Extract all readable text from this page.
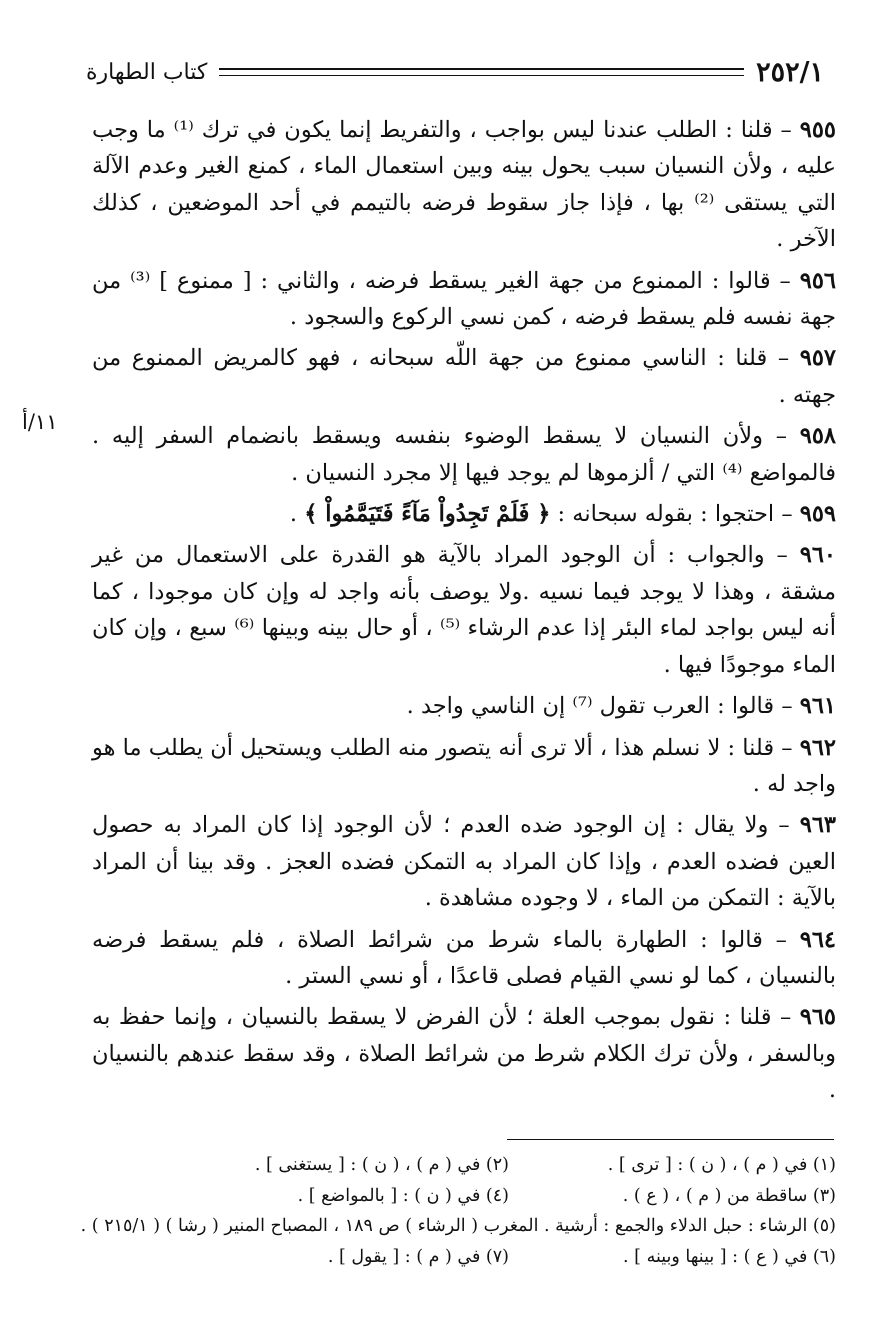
٢٥٢/١
كتاب الطهارة
١١/أ

٩٥٥ – قلنا : الطلب عندنا ليس بواجب ، والتفريط إنما يكون في ترك ⁽¹⁾ ما وجب عليه ، ولأن النسيان سبب يحول بينه وبين استعمال الماء ، كمنع الغير وعدم الآلة التي يستقى ⁽²⁾ بها ، فإذا جاز سقوط فرضه بالتيمم في أحد الموضعين ، كذلك الآخر .

٩٥٦ – قالوا : الممنوع من جهة الغير يسقط فرضه ، والثاني : [ ممنوع ] ⁽³⁾ من جهة نفسه فلم يسقط فرضه ، كمن نسي الركوع والسجود .

٩٥٧ – قلنا : الناسي ممنوع من جهة اللّه سبحانه ، فهو كالمريض الممنوع من جهته .

٩٥٨ – ولأن النسيان لا يسقط الوضوء بنفسه ويسقط بانضمام السفر إليه . فالمواضع ⁽⁴⁾ التي / ألزموها لم يوجد فيها إلا مجرد النسيان .

٩٥٩ – احتجوا : بقوله سبحانه : ﴿ فَلَمْ تَجِدُواْ مَآءً فَتَيَمَّمُواْ ﴾ .

٩٦٠ – والجواب : أن الوجود المراد بالآية هو القدرة على الاستعمال من غير مشقة ، وهذا لا يوجد فيما نسيه .ولا يوصف بأنه واجد له وإن كان موجودا ، كما أنه ليس بواجد لماء البئر إذا عدم الرشاء ⁽⁵⁾ ، أو حال بينه وبينها ⁽⁶⁾ سبع ، وإن كان الماء موجودًا فيها .

٩٦١ – قالوا : العرب تقول ⁽⁷⁾ إن الناسي واجد .

٩٦٢ – قلنا : لا نسلم هذا ، ألا ترى أنه يتصور منه الطلب ويستحيل أن يطلب ما هو واجد له .

٩٦٣ – ولا يقال : إن الوجود ضده العدم ؛ لأن الوجود إذا كان المراد به حصول العين فضده العدم ، وإذا كان المراد به التمكن فضده العجز . وقد بينا أن المراد بالآية : التمكن من الماء ، لا وجوده مشاهدة .

٩٦٤ – قالوا : الطهارة بالماء شرط من شرائط الصلاة ، فلم يسقط فرضه بالنسيان ، كما لو نسي القيام فصلى قاعدًا ، أو نسي الستر .

٩٦٥ – قلنا : نقول بموجب العلة ؛ لأن الفرض لا يسقط بالنسيان ، وإنما حفظ به وبالسفر ، ولأن ترك الكلام شرط من شرائط الصلاة ، وقد سقط عندهم بالنسيان .

(١) في ( م ) ، ( ن ) : [ ترى ] .
(٢) في ( م ) ، ( ن ) : [ يستغنى ] .
(٣) ساقطة من ( م ) ، ( ع ) .
(٤) في ( ن ) : [ بالمواضع ] .
(٥) الرشاء : حبل الدلاء والجمع : أرشية . المغرب ( الرشاء ) ص ١٨٩ ، المصباح المنير ( رشا ) ( ٢١٥/١ ) .
(٦) في ( ع ) : [ بينها وبينه ] .
(٧) في ( م ) : [ يقول ] .
